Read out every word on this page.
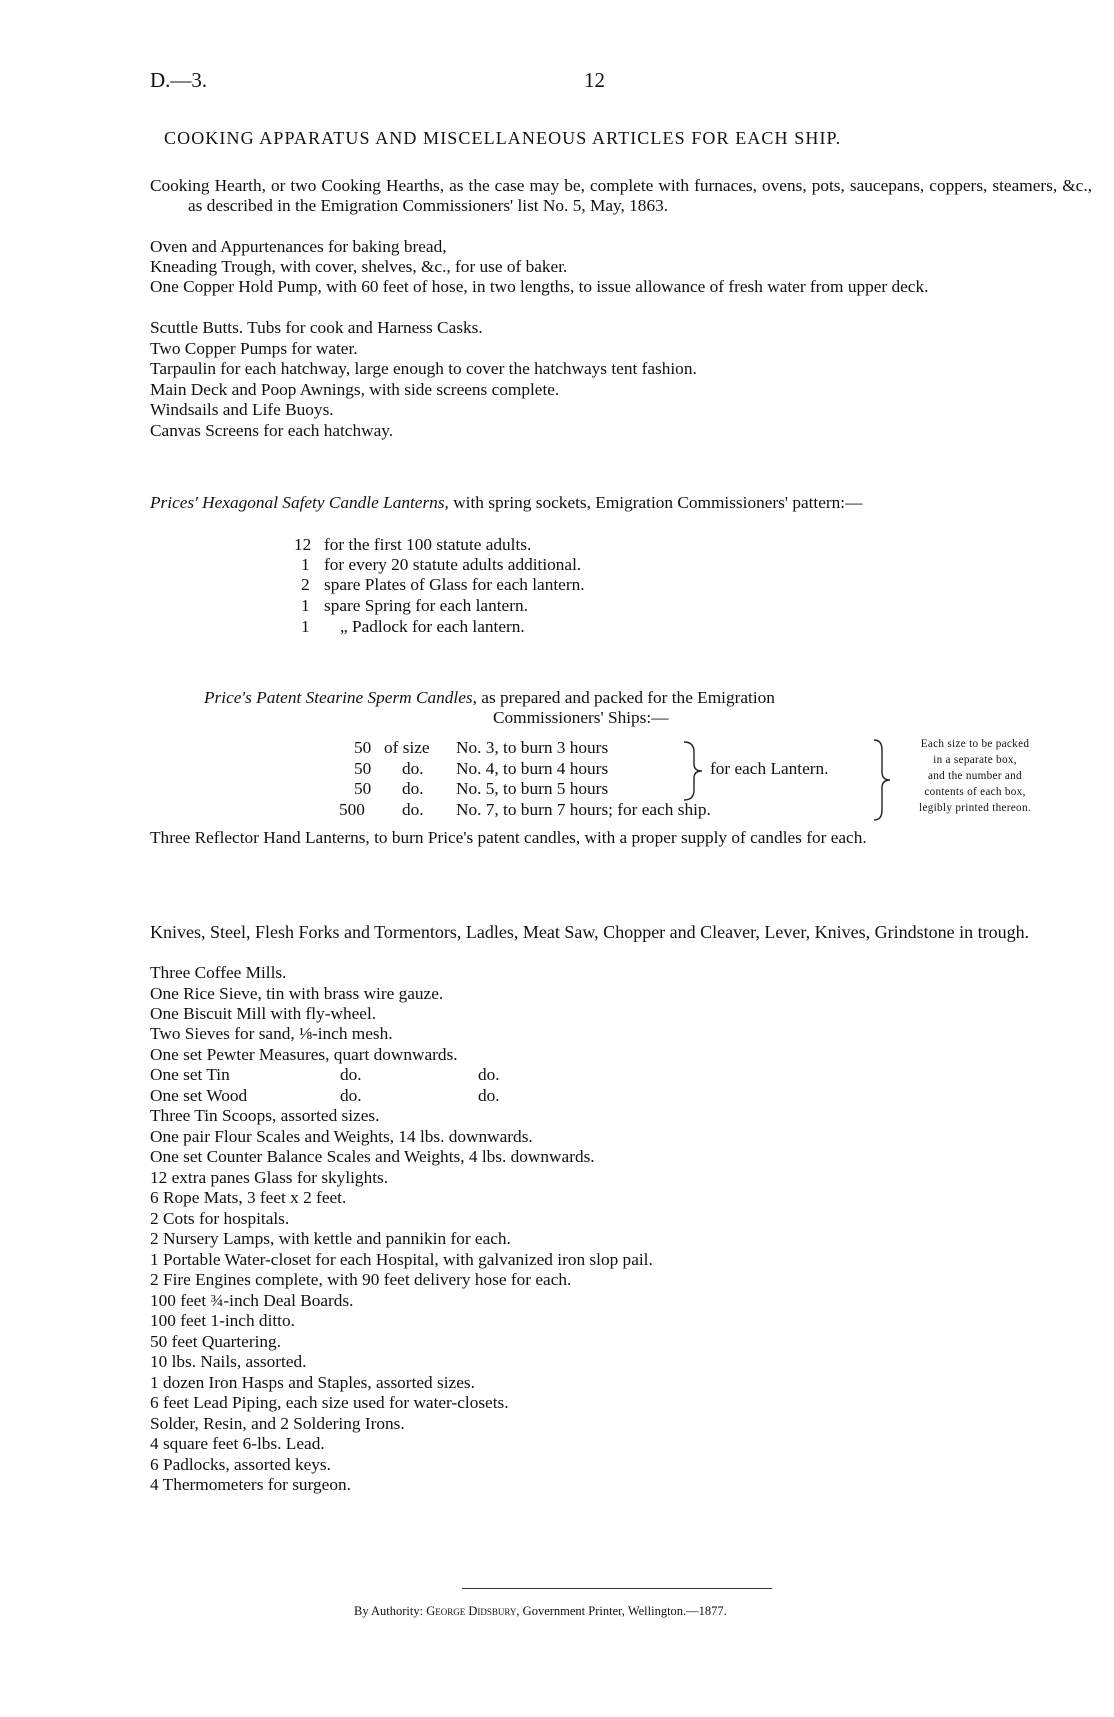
D.—3.	12
COOKING APPARATUS AND MISCELLANEOUS ARTICLES FOR EACH SHIP.
Cooking Hearth, or two Cooking Hearths, as the case may be, complete with furnaces, ovens, pots, saucepans, coppers, steamers, &c., as described in the Emigration Commissioners' list No. 5, May, 1863.
Oven and Appurtenances for baking bread,
Kneading Trough, with cover, shelves, &c., for use of baker.
One Copper Hold Pump, with 60 feet of hose, in two lengths, to issue allowance of fresh water from upper deck.
Scuttle Butts. Tubs for cook and Harness Casks.
Two Copper Pumps for water.
Tarpaulin for each hatchway, large enough to cover the hatchways tent fashion.
Main Deck and Poop Awnings, with side screens complete.
Windsails and Life Buoys.
Canvas Screens for each hatchway.
Prices' Hexagonal Safety Candle Lanterns, with spring sockets, Emigration Commissioners' pattern:—
12 for the first 100 statute adults.
1 for every 20 statute adults additional.
2 spare Plates of Glass for each lantern.
1 spare Spring for each lantern.
1 „ Padlock for each lantern.
Price's Patent Stearine Sperm Candles, as prepared and packed for the Emigration
Commissioners' Ships:—
50 of size No. 3, to burn 3 hours
50 do. No. 4, to burn 4 hours
50 do. No. 5, to burn 5 hours
500 do. No. 7, to burn 7 hours; for each ship.
for each Lantern.
Each size to be packed
in a separate box,
and the number and
contents of each box,
legibly printed thereon.
Three Reflector Hand Lanterns, to burn Price's patent candles, with a proper supply of candles for each.
Knives, Steel, Flesh Forks and Tormentors, Ladles, Meat Saw, Chopper and Cleaver, Lever, Knives, Grindstone in trough.
Three Coffee Mills.
One Rice Sieve, tin with brass wire gauze.
One Biscuit Mill with fly-wheel.
Two Sieves for sand, ⅛-inch mesh.
One set Pewter Measures, quart downwards.
One set Tin	do.	do.
One set Wood	do.	do.
Three Tin Scoops, assorted sizes.
One pair Flour Scales and Weights, 14 lbs. downwards.
One set Counter Balance Scales and Weights, 4 lbs. downwards.
12 extra panes Glass for skylights.
6 Rope Mats, 3 feet x 2 feet.
2 Cots for hospitals.
2 Nursery Lamps, with kettle and pannikin for each.
1 Portable Water-closet for each Hospital, with galvanized iron slop pail.
2 Fire Engines complete, with 90 feet delivery hose for each.
100 feet ¾-inch Deal Boards.
100 feet 1-inch ditto.
50 feet Quartering.
10 lbs. Nails, assorted.
1 dozen Iron Hasps and Staples, assorted sizes.
6 feet Lead Piping, each size used for water-closets.
Solder, Resin, and 2 Soldering Irons.
4 square feet 6-lbs. Lead.
6 Padlocks, assorted keys.
4 Thermometers for surgeon.
By Authority: George Didsbury, Government Printer, Wellington.—1877.
